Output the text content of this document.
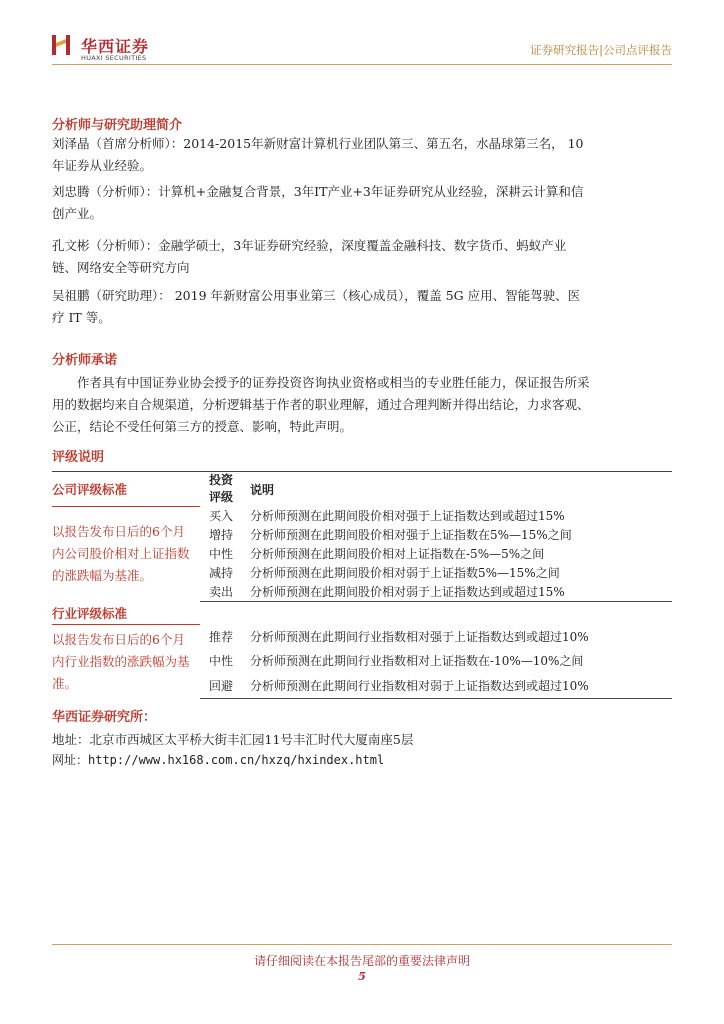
华西证券
HUAXI SECURITIES
证券研究报告|公司点评报告
分析师与研究助理简介
刘泽晶（首席分析师）：2014-2015年新财富计算机行业团队第三、第五名，水晶球第三名， 10
年证券从业经验。
刘忠腾（分析师）：计算机+金融复合背景，3年IT产业+3年证券研究从业经验，深耕云计算和信
创产业。
孔文彬（分析师）：金融学硕士，3年证券研究经验，深度覆盖金融科技、数字货币、蚂蚁产业
链、网络安全等研究方向
吴祖鹏（研究助理）： 2019 年新财富公用事业第三（核心成员），覆盖 5G 应用、智能驾驶、医
疗 IT 等。
分析师承诺
作者具有中国证券业协会授予的证券投资咨询执业资格或相当的专业胜任能力，保证报告所采
用的数据均来自合规渠道，分析逻辑基于作者的职业理解，通过合理判断并得出结论，力求客观、
公正，结论不受任何第三方的授意、影响，特此声明。
评级说明
公司评级标准	投资
评级	说明
以报告发布日后的6个月内公司股价相对上证指数的涨跌幅为基准。	买入	分析师预测在此期间股价相对强于上证指数达到或超过15%
	增持	分析师预测在此期间股价相对强于上证指数在5%—15%之间
	中性	分析师预测在此期间股价相对上证指数在-5%—5%之间
	减持	分析师预测在此期间股价相对弱于上证指数5%—15%之间
	卖出	分析师预测在此期间股价相对弱于上证指数达到或超过15%
行业评级标准		
以报告发布日后的6个月内行业指数的涨跌幅为基准。	推荐	分析师预测在此期间行业指数相对强于上证指数达到或超过10%
	中性	分析师预测在此期间行业指数相对上证指数在-10%—10%之间
	回避	分析师预测在此期间行业指数相对弱于上证指数达到或超过10%
华西证券研究所：
地址：北京市西城区太平桥大街丰汇园11号丰汇时代大厦南座5层
网址：http://www.hx168.com.cn/hxzq/hxindex.html
请仔细阅读在本报告尾部的重要法律声明
5
